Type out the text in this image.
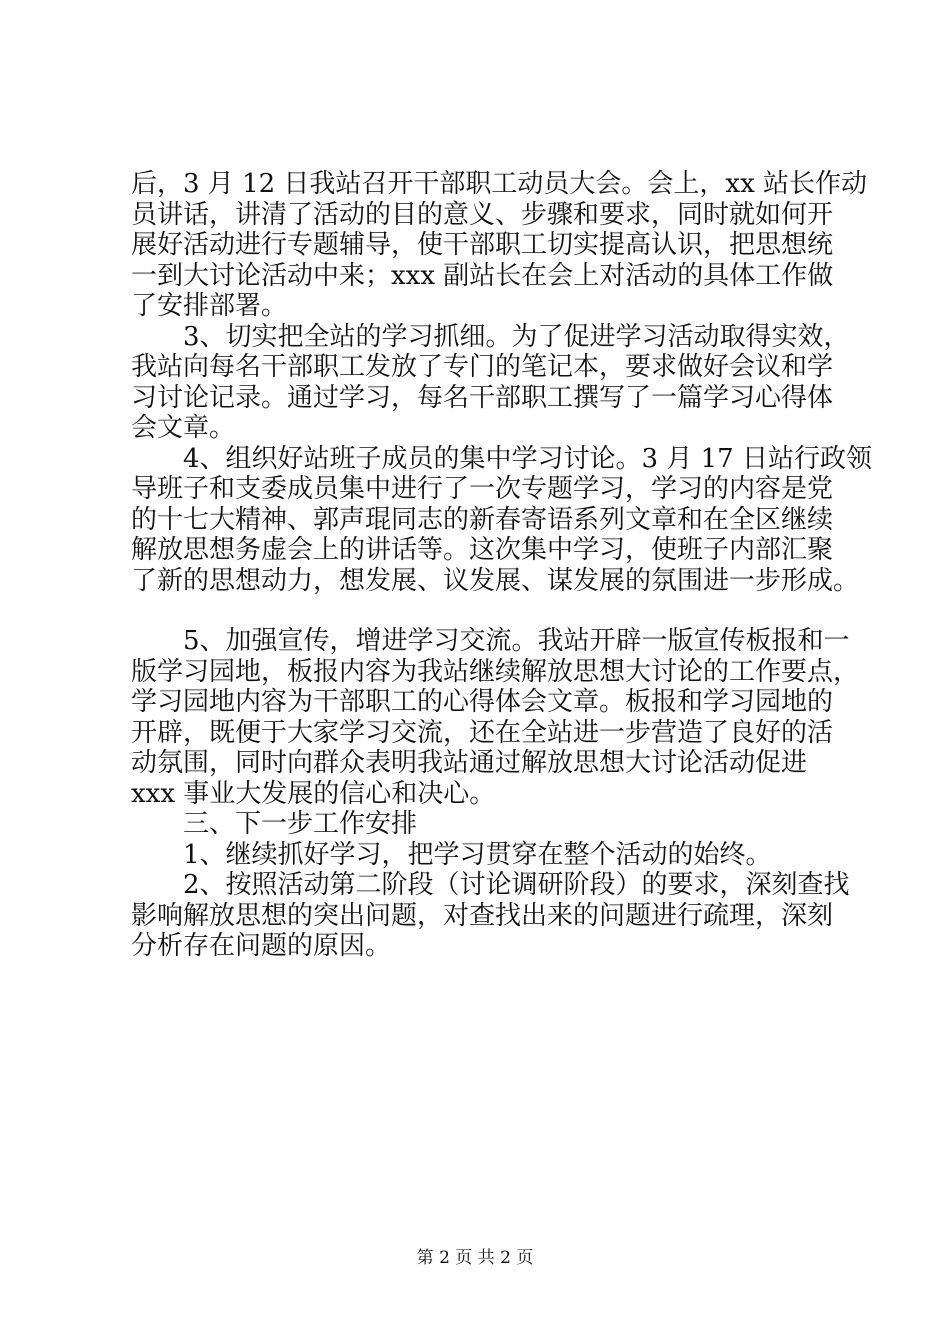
后，3 月 12 日我站召开干部职工动员大会。会上，xx 站长作动

员讲话，讲清了活动的目的意义、步骤和要求，同时就如何开

展好活动进行专题辅导，使干部职工切实提高认识，把思想统

一到大讨论活动中来；xxx 副站长在会上对活动的具体工作做

了安排部署。

3、切实把全站的学习抓细。为了促进学习活动取得实效，

我站向每名干部职工发放了专门的笔记本，要求做好会议和学

习讨论记录。通过学习，每名干部职工撰写了一篇学习心得体

会文章。

4、组织好站班子成员的集中学习讨论。3 月 17 日站行政领

导班子和支委成员集中进行了一次专题学习，学习的内容是党

的十七大精神、郭声琨同志的新春寄语系列文章和在全区继续

解放思想务虚会上的讲话等。这次集中学习，使班子内部汇聚

了新的思想动力，想发展、议发展、谋发展的氛围进一步形成。

5、加强宣传，增进学习交流。我站开辟一版宣传板报和一

版学习园地，板报内容为我站继续解放思想大讨论的工作要点，

学习园地内容为干部职工的心得体会文章。板报和学习园地的

开辟，既便于大家学习交流，还在全站进一步营造了良好的活

动氛围，同时向群众表明我站通过解放思想大讨论活动促进

xxx 事业大发展的信心和决心。

三、下一步工作安排

1、继续抓好学习，把学习贯穿在整个活动的始终。

2、按照活动第二阶段（讨论调研阶段）的要求，深刻查找

影响解放思想的突出问题，对查找出来的问题进行疏理，深刻

分析存在问题的原因。

第 2 页 共 2 页
